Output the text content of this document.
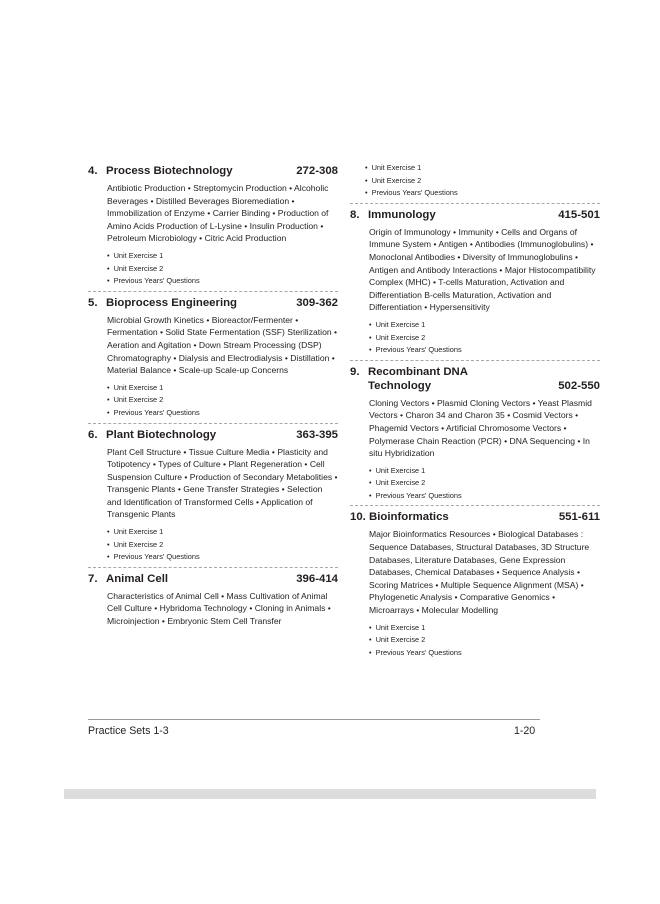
4. Process Biotechnology	272-308

Antibiotic Production • Streptomycin Production • Alcoholic Beverages • Distilled Beverages Bioremediation • Immobilization of Enzyme • Carrier Binding • Production of Amino Acids Production of L-Lysine • Insulin Production • Petroleum Microbiology • Citric Acid Production

• Unit Exercise 1
• Unit Exercise 2
• Previous Years' Questions
5. Bioprocess Engineering	309-362

Microbial Growth Kinetics • Bioreactor/Fermenter • Fermentation • Solid State Fermentation (SSF) Sterilization • Aeration and Agitation • Down Stream Processing (DSP) Chromatography • Dialysis and Electrodialysis • Distillation • Material Balance • Scale-up Scale-up Concerns

• Unit Exercise 1
• Unit Exercise 2
• Previous Years' Questions
6. Plant Biotechnology	363-395

Plant Cell Structure • Tissue Culture Media • Plasticity and Totipotency • Types of Culture • Plant Regeneration • Cell Suspension Culture • Production of Secondary Metabolities • Transgenic Plants • Gene Transfer Strategies • Selection and Identification of Transformed Cells • Application of Transgenic Plants

• Unit Exercise 1
• Unit Exercise 2
• Previous Years' Questions
7. Animal Cell	396-414

Characteristics of Animal Cell • Mass Cultivation of Animal Cell Culture • Hybridoma Technology • Cloning in Animals • Microinjection • Embryonic Stem Cell Transfer

• Unit Exercise 1
• Unit Exercise 2
• Previous Years' Questions
8. Immunology	415-501

Origin of Immunology • Immunity • Cells and Organs of Immune System • Antigen • Antibodies (Immunoglobulins) • Monoclonal Antibodies • Diversity of Immunoglobulins • Antigen and Antibody Interactions • Major Histocompatibility Complex (MHC) • T-cells Maturation, Activation and Differentiation B-cells Maturation, Activation and Differentiation • Hypersensitivity

• Unit Exercise 1
• Unit Exercise 2
• Previous Years' Questions
9. Recombinant DNA Technology	502-550

Cloning Vectors • Plasmid Cloning Vectors • Yeast Plasmid Vectors • Charon 34 and Charon 35 • Cosmid Vectors • Phagemid Vectors • Artificial Chromosome Vectors • Polymerase Chain Reaction (PCR) • DNA Sequencing • In situ Hybridization

• Unit Exercise 1
• Unit Exercise 2
• Previous Years' Questions
10. Bioinformatics	551-611

Major Bioinformatics Resources • Biological Databases : Sequence Databases, Structural Databases, 3D Structure Databases, Literature Databases, Gene Expression Databases, Chemical Databases • Sequence Analysis • Scoring Matrices • Multiple Sequence Alignment (MSA) • Phylogenetic Analysis • Comparative Genomics • Microarrays • Molecular Modelling

• Unit Exercise 1
• Unit Exercise 2
• Previous Years' Questions
Practice Sets 1-3	1-20
